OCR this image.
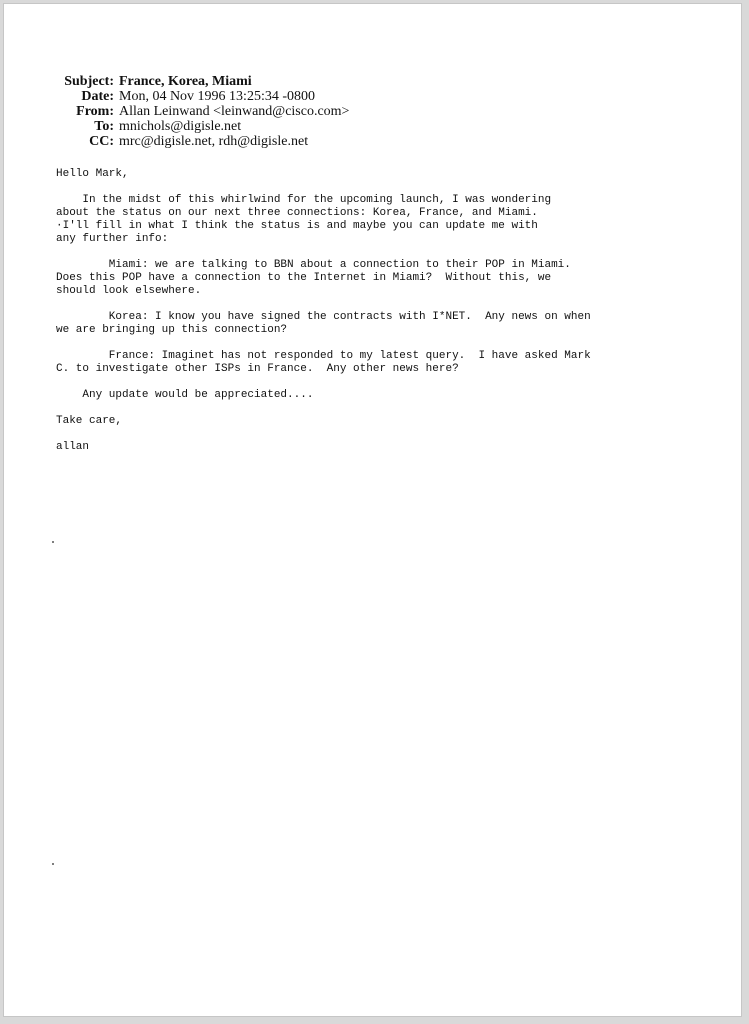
Subject: France, Korea, Miami
Date: Mon, 04 Nov 1996 13:25:34 -0800
From: Allan Leinwand <leinwand@cisco.com>
To: mnichols@digisle.net
CC: mrc@digisle.net, rdh@digisle.net
Hello Mark,
In the midst of this whirlwind for the upcoming launch, I was wondering
about the status on our next three connections: Korea, France, and Miami.
·I'll fill in what I think the status is and maybe you can update me with
any further info:
Miami: we are talking to BBN about a connection to their POP in Miami.
Does this POP have a connection to the Internet in Miami?  Without this, we
should look elsewhere.
Korea: I know you have signed the contracts with I*NET.  Any news on when
we are bringing up this connection?
France: Imaginet has not responded to my latest query.  I have asked Mark
C. to investigate other ISPs in France.  Any other news here?
Any update would be appreciated....
Take care,
allan
